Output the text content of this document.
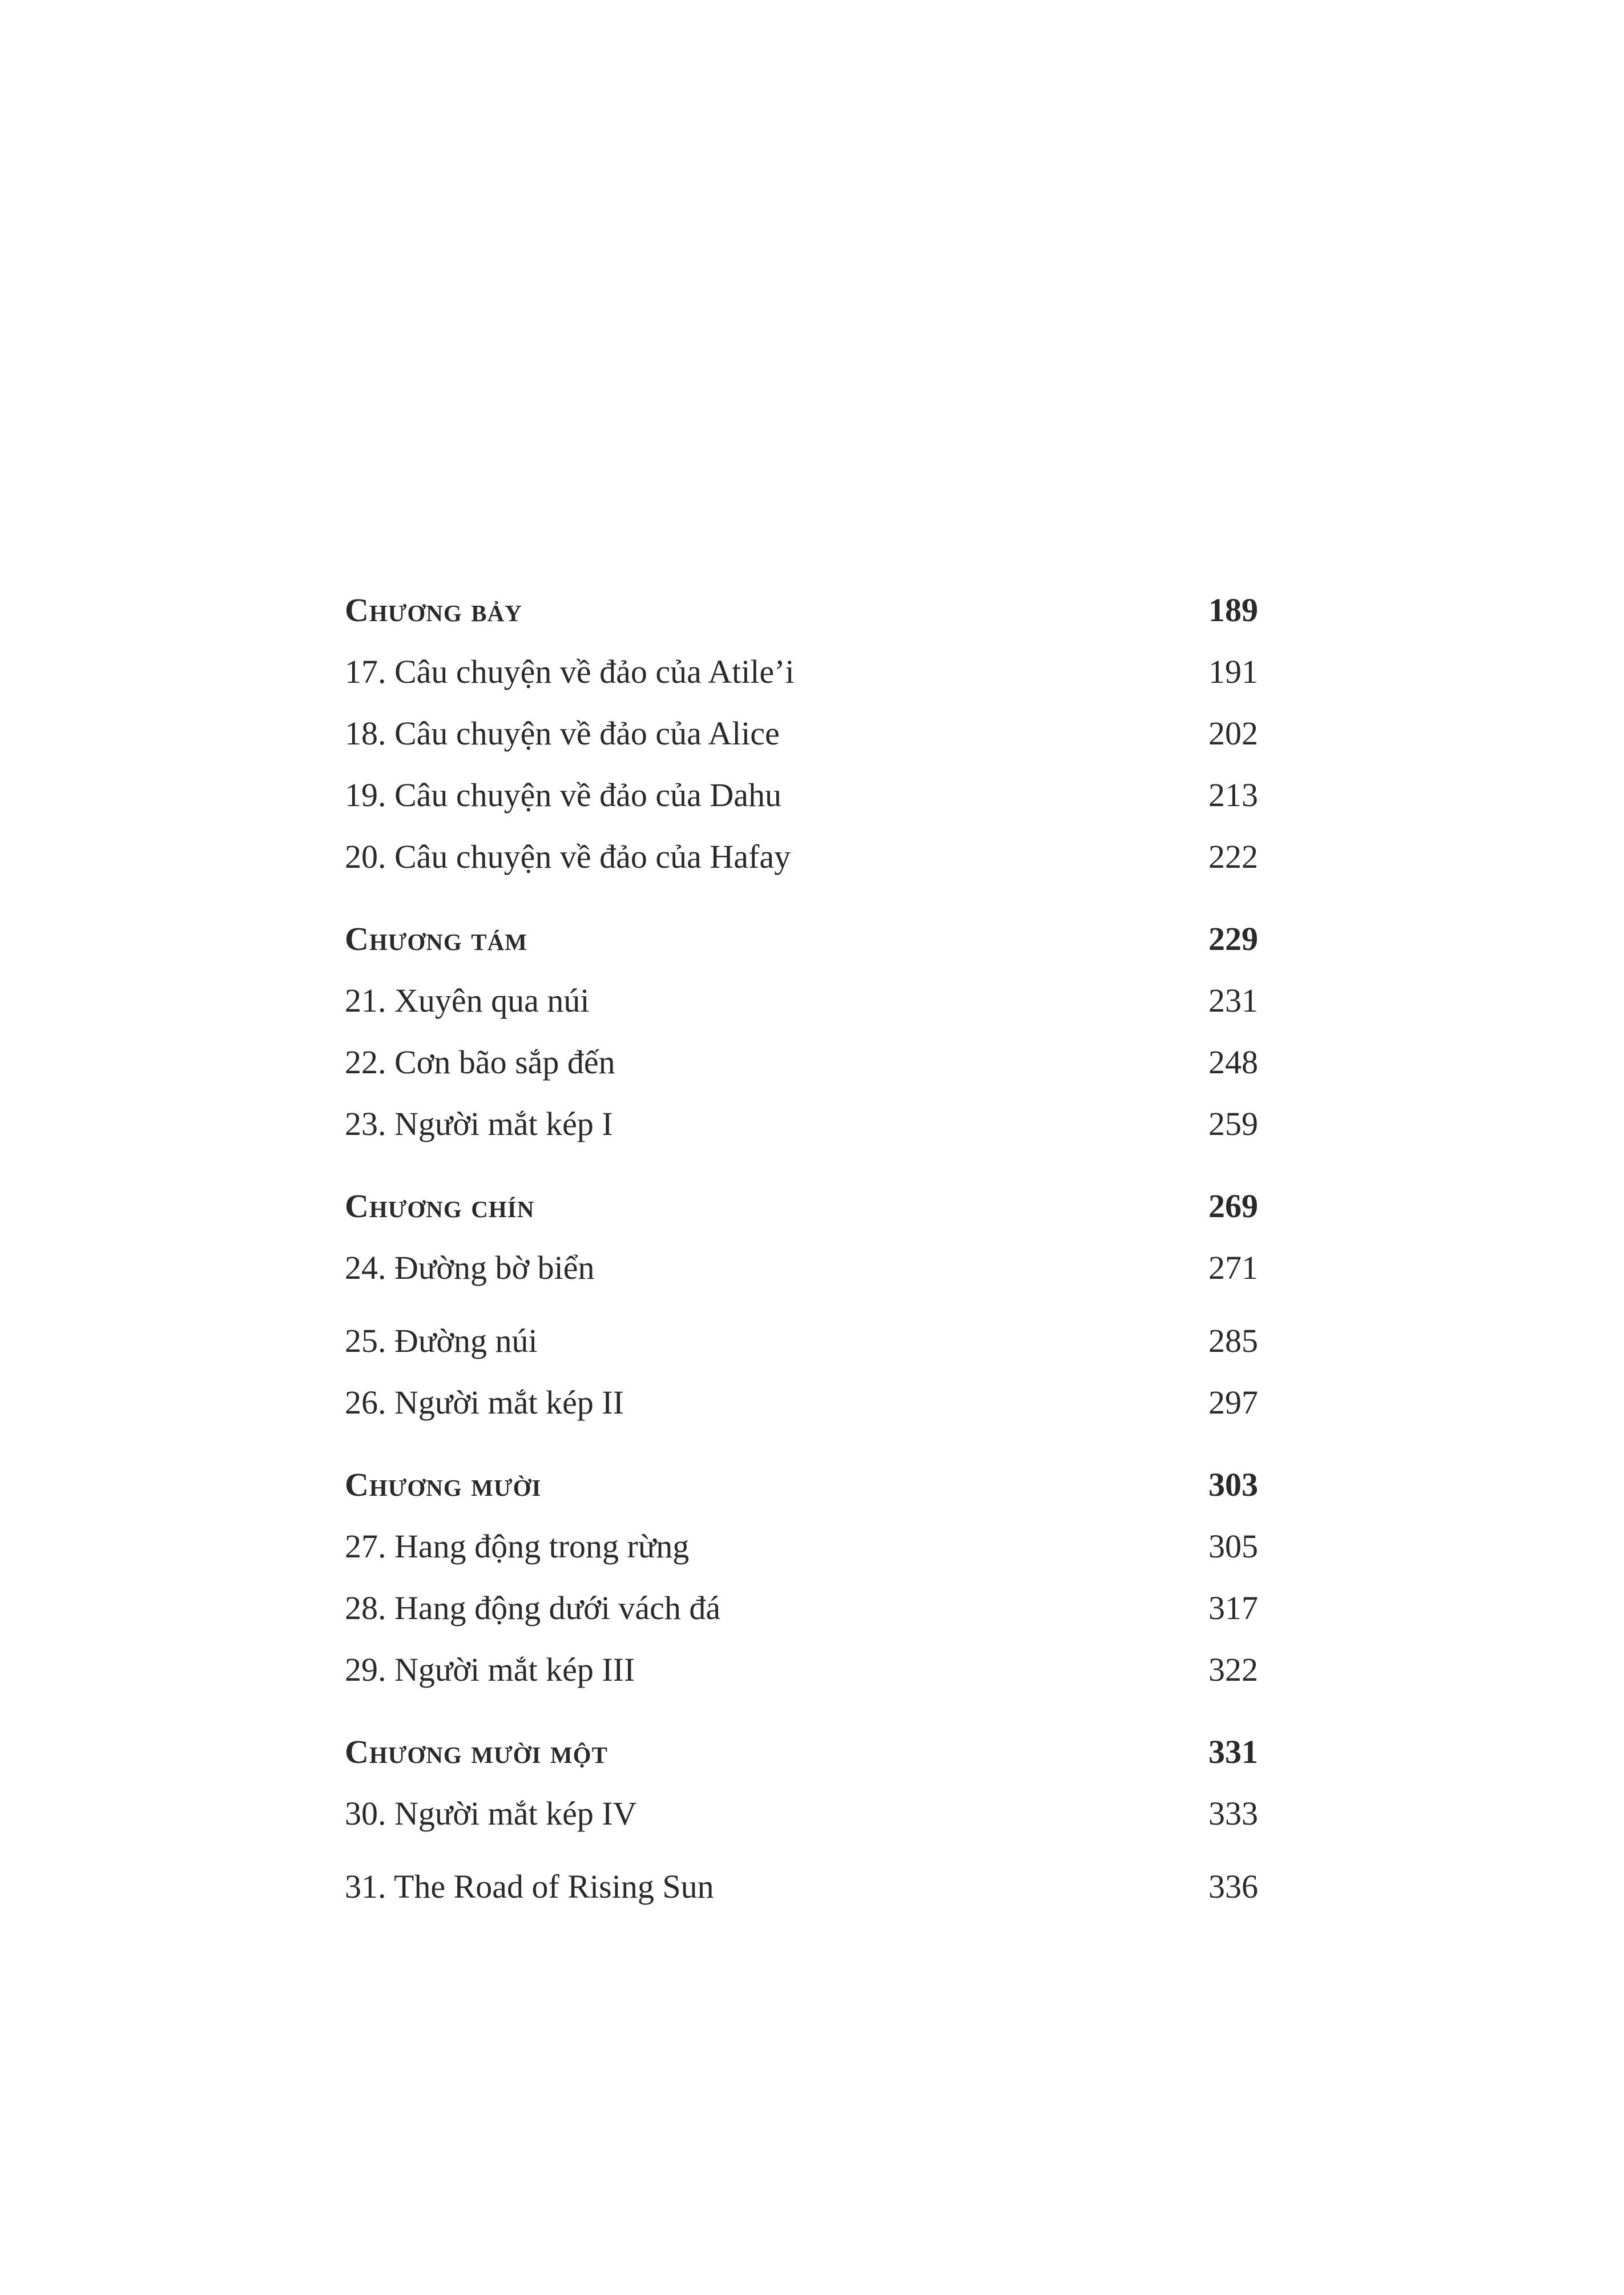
Chương bảy	189
17. Câu chuyện về đảo của Atile’i	191
18. Câu chuyện về đảo của Alice	202
19. Câu chuyện về đảo của Dahu	213
20. Câu chuyện về đảo của Hafay	222
Chương tám	229
21. Xuyên qua núi	231
22. Cơn bão sắp đến	248
23. Người mắt kép I	259
Chương chín	269
24. Đường bờ biển	271
25. Đường núi	285
26. Người mắt kép II	297
Chương mười	303
27. Hang động trong rừng	305
28. Hang động dưới vách đá	317
29. Người mắt kép III	322
Chương mười một	331
30. Người mắt kép IV	333
31. The Road of Rising Sun	336
